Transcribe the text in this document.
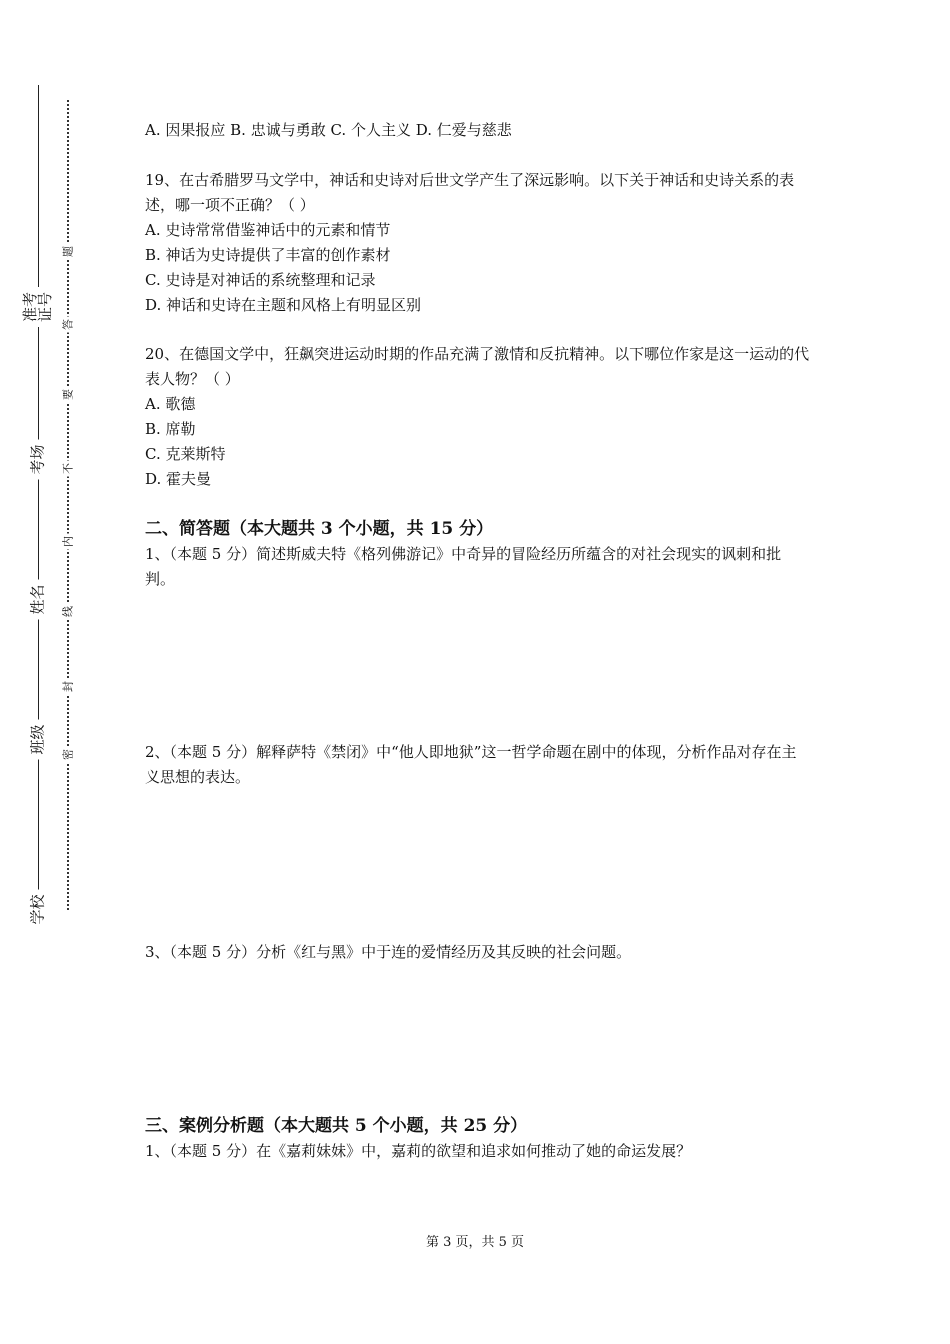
准考证号
考场
姓名
班级
学校
题
答
要
不
内
线
封
密
A. 因果报应 B. 忠诚与勇敢 C. 个人主义 D. 仁爱与慈悲
19、在古希腊罗马文学中，神话和史诗对后世文学产生了深远影响。以下关于神话和史诗关系的表述，哪一项不正确？（ ）
A. 史诗常常借鉴神话中的元素和情节
B. 神话为史诗提供了丰富的创作素材
C. 史诗是对神话的系统整理和记录
D. 神话和史诗在主题和风格上有明显区别
20、在德国文学中，狂飙突进运动时期的作品充满了激情和反抗精神。以下哪位作家是这一运动的代表人物？（ ）
A. 歌德
B. 席勒
C. 克莱斯特
D. 霍夫曼
二、简答题（本大题共 3 个小题，共 15 分）
1、（本题 5 分）简述斯威夫特《格列佛游记》中奇异的冒险经历所蕴含的对社会现实的讽刺和批判。
2、（本题 5 分）解释萨特《禁闭》中“他人即地狱”这一哲学命题在剧中的体现，分析作品对存在主义思想的表达。
3、（本题 5 分）分析《红与黑》中于连的爱情经历及其反映的社会问题。
三、案例分析题（本大题共 5 个小题，共 25 分）
1、（本题 5 分）在《嘉莉妹妹》中，嘉莉的欲望和追求如何推动了她的命运发展？
第 3 页，共 5 页
